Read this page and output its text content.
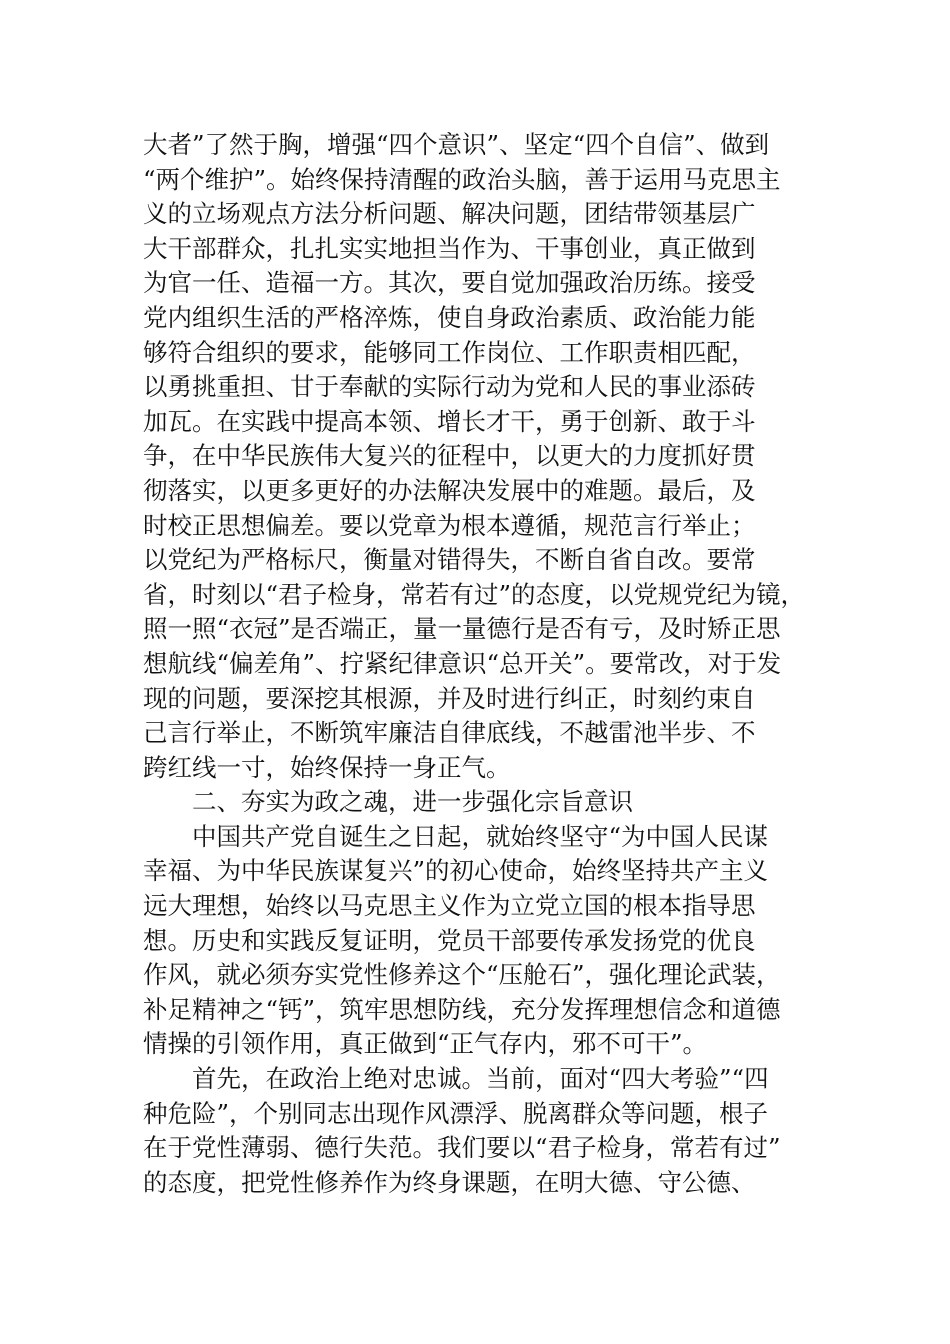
大者”了然于胸，增强“四个意识”、坚定“四个自信”、做到
“两个维护”。始终保持清醒的政治头脑，善于运用马克思主
义的立场观点方法分析问题、解决问题，团结带领基层广
大干部群众，扎扎实实地担当作为、干事创业，真正做到
为官一任、造福一方。其次，要自觉加强政治历练。接受
党内组织生活的严格淬炼，使自身政治素质、政治能力能
够符合组织的要求，能够同工作岗位、工作职责相匹配，
以勇挑重担、甘于奉献的实际行动为党和人民的事业添砖
加瓦。在实践中提高本领、增长才干，勇于创新、敢于斗
争，在中华民族伟大复兴的征程中，以更大的力度抓好贯
彻落实，以更多更好的办法解决发展中的难题。最后，及
时校正思想偏差。要以党章为根本遵循，规范言行举止；
以党纪为严格标尺，衡量对错得失，不断自省自改。要常
省，时刻以“君子检身，常若有过”的态度，以党规党纪为镜，
照一照“衣冠”是否端正，量一量德行是否有亏，及时矫正思
想航线“偏差角”、拧紧纪律意识“总开关”。要常改，对于发
现的问题，要深挖其根源，并及时进行纠正，时刻约束自
己言行举止，不断筑牢廉洁自律底线，不越雷池半步、不
跨红线一寸，始终保持一身正气。
二、夯实为政之魂，进一步强化宗旨意识
中国共产党自诞生之日起，就始终坚守“为中国人民谋
幸福、为中华民族谋复兴”的初心使命，始终坚持共产主义
远大理想，始终以马克思主义作为立党立国的根本指导思
想。历史和实践反复证明，党员干部要传承发扬党的优良
作风，就必须夯实党性修养这个“压舱石”，强化理论武装，
补足精神之“钙”，筑牢思想防线，充分发挥理想信念和道德
情操的引领作用，真正做到“正气存内，邪不可干”。
首先，在政治上绝对忠诚。当前，面对“四大考验”“四
种危险”，个别同志出现作风漂浮、脱离群众等问题，根子
在于党性薄弱、德行失范。我们要以“君子检身，常若有过”
的态度，把党性修养作为终身课题，在明大德、守公德、
